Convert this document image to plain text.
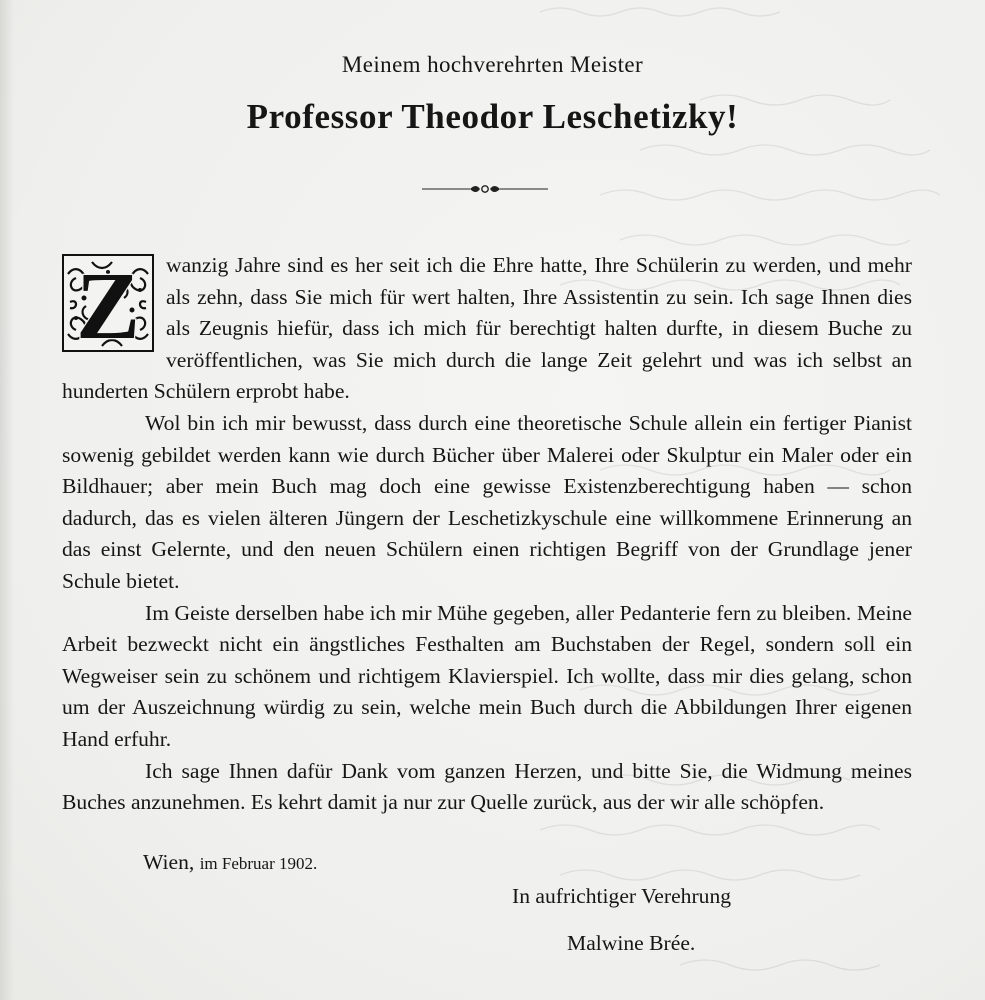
Meinem hochverehrten Meister
Professor Theodor Leschetizky!

Z wanzig Jahre sind es her seit ich die Ehre hatte, Ihre Schülerin zu werden, und mehr als zehn, dass Sie mich für wert halten, Ihre Assistentin zu sein. Ich sage Ihnen dies als Zeugnis hiefür, dass ich mich für berechtigt halten durfte, in diesem Buche zu veröffentlichen, was Sie mich durch die lange Zeit gelehrt und was ich selbst an hunderten Schülern erprobt habe.

Wol bin ich mir bewusst, dass durch eine theoretische Schule allein ein fertiger Pianist sowenig gebildet werden kann wie durch Bücher über Malerei oder Skulptur ein Maler oder ein Bildhauer; aber mein Buch mag doch eine gewisse Existenzberechtigung haben — schon dadurch, das es vielen älteren Jüngern der Leschetizkyschule eine willkommene Erinnerung an das einst Gelernte, und den neuen Schülern einen richtigen Begriff von der Grundlage jener Schule bietet.

Im Geiste derselben habe ich mir Mühe gegeben, aller Pedanterie fern zu bleiben. Meine Arbeit bezweckt nicht ein ängstliches Festhalten am Buchstaben der Regel, sondern soll ein Wegweiser sein zu schönem und richtigem Klavierspiel. Ich wollte, dass mir dies gelang, schon um der Auszeichnung würdig zu sein, welche mein Buch durch die Abbildungen Ihrer eigenen Hand erfuhr.

Ich sage Ihnen dafür Dank vom ganzen Herzen, und bitte Sie, die Widmung meines Buches anzunehmen. Es kehrt damit ja nur zur Quelle zurück, aus der wir alle schöpfen.

Wien, im Februar 1902.
In aufrichtiger Verehrung
Malwine Brée.
